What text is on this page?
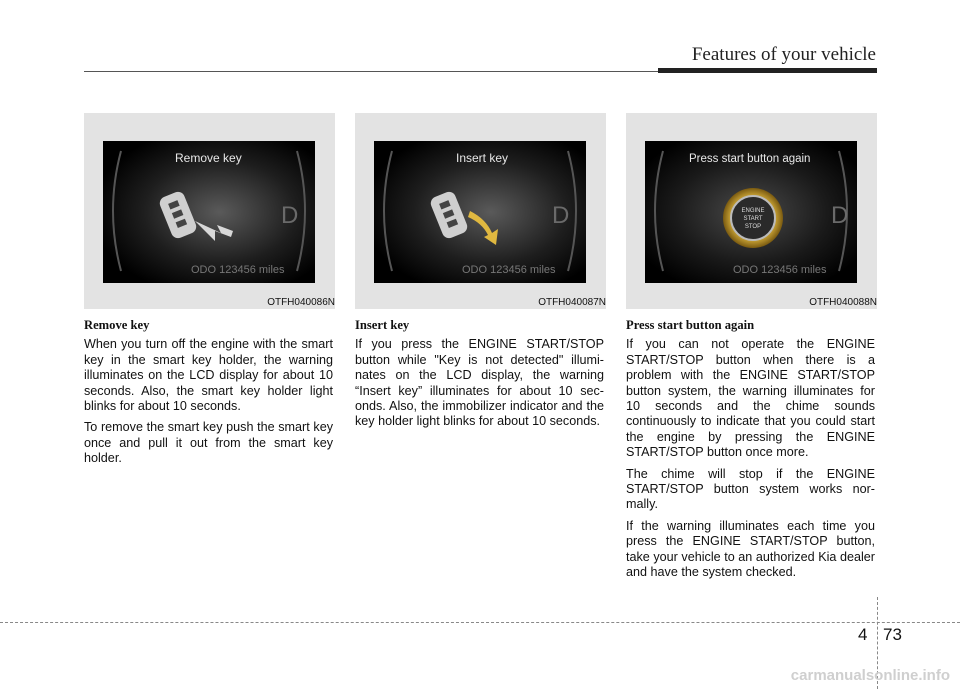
Features of your vehicle
D
Remove key
ODO 123456 miles
OTFH040086N
D
Insert key
ODO 123456 miles
OTFH040087N
D
Press start button again
ENGINE
START
STOP
ODO 123456 miles
OTFH040088N
Remove key

When you turn off the engine with the smart key in the smart key holder, the warning illuminates on the LCD display for about 10 seconds. Also, the smart key holder light blinks for about 10 seconds.

To remove the smart key push the smart key once and pull it out from the smart key holder.

Insert key

If you press the ENGINE START/STOP button while "Key is not detected" illumi-nates on the LCD display, the warning “Insert key” illuminates for about 10 sec-onds. Also, the immobilizer indicator and the key holder light blinks for about 10 seconds.

Press start button again

If you can not operate the ENGINE START/STOP button when there is a problem with the ENGINE START/STOP button system, the warning illuminates for 10 seconds and the chime sounds continuously to indicate that you could start the engine by pressing the ENGINE START/STOP button once more.

The chime will stop if the ENGINE START/STOP button system works nor-mally.

If the warning illuminates each time you press the ENGINE START/STOP button, take your vehicle to an authorized Kia dealer and have the system checked.

4 73
carmanualsonline.info
